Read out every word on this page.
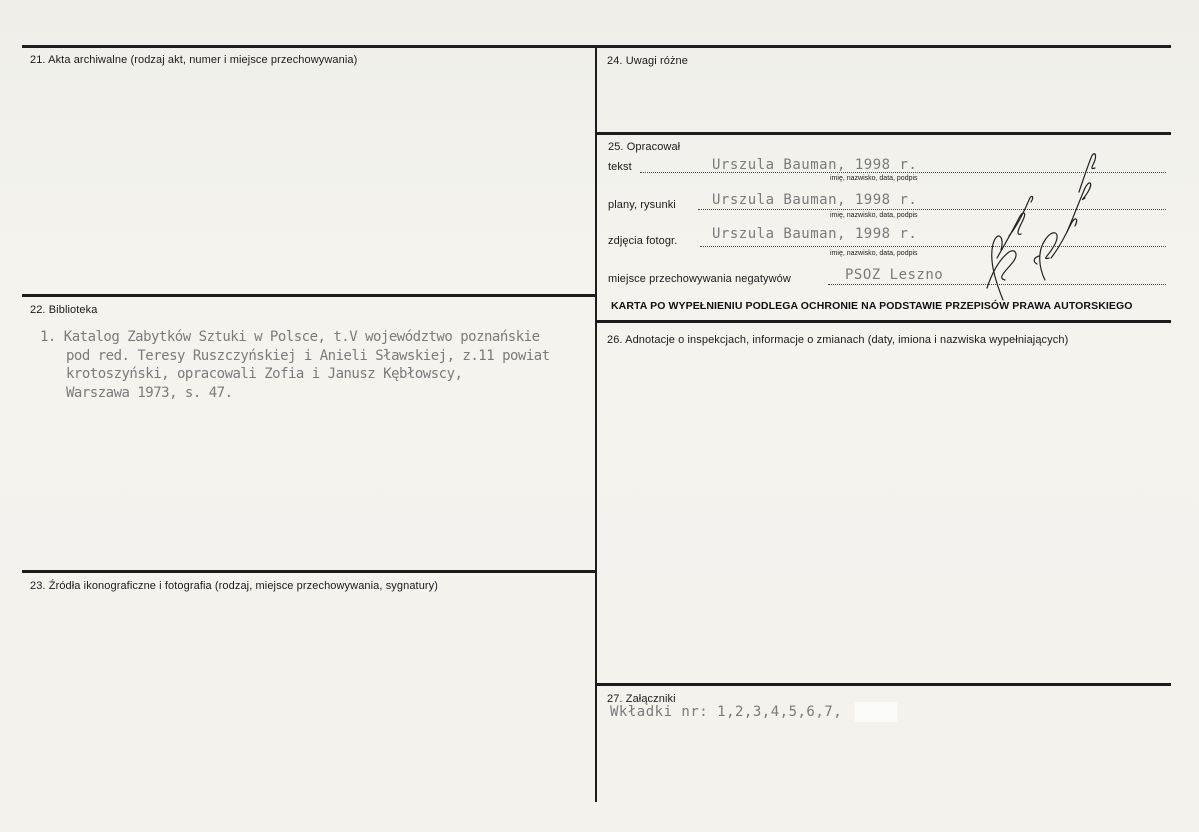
21. Akta archiwalne (rodzaj akt, numer i miejsce przechowywania)
22. Biblioteka
1. Katalog Zabytków Sztuki w Polsce, t.V województwo poznańskie
pod red. Teresy Ruszczyńskiej i Anieli Sławskiej, z.11 powiat
krotoszyński, opracowali Zofia i Janusz Kębłowscy,
Warszawa 1973, s. 47.
23. Źródła ikonograficzne i fotografia (rodzaj, miejsce przechowywania, sygnatury)
24. Uwagi różne
25. Opracował
tekst	Urszula Bauman, 1998 r.
imię, nazwisko, data, podpis
plany, rysunki	Urszula Bauman, 1998 r.
imię, nazwisko, data, podpis
zdjęcia fotogr. Urszula Bauman, 1998 r.
imię, nazwisko, data, podpis
miejsce przechowywania negatywów	PSOZ Leszno
KARTA PO WYPEŁNIENIU PODLEGA OCHRONIE NA PODSTAWIE PRZEPISÓW PRAWA AUTORSKIEGO
26. Adnotacje o inspekcjach, informacje o zmianach (daty, imiona i nazwiska wypełniających)
27. Załączniki
Wkładki nr: 1,2,3,4,5,6,7,
